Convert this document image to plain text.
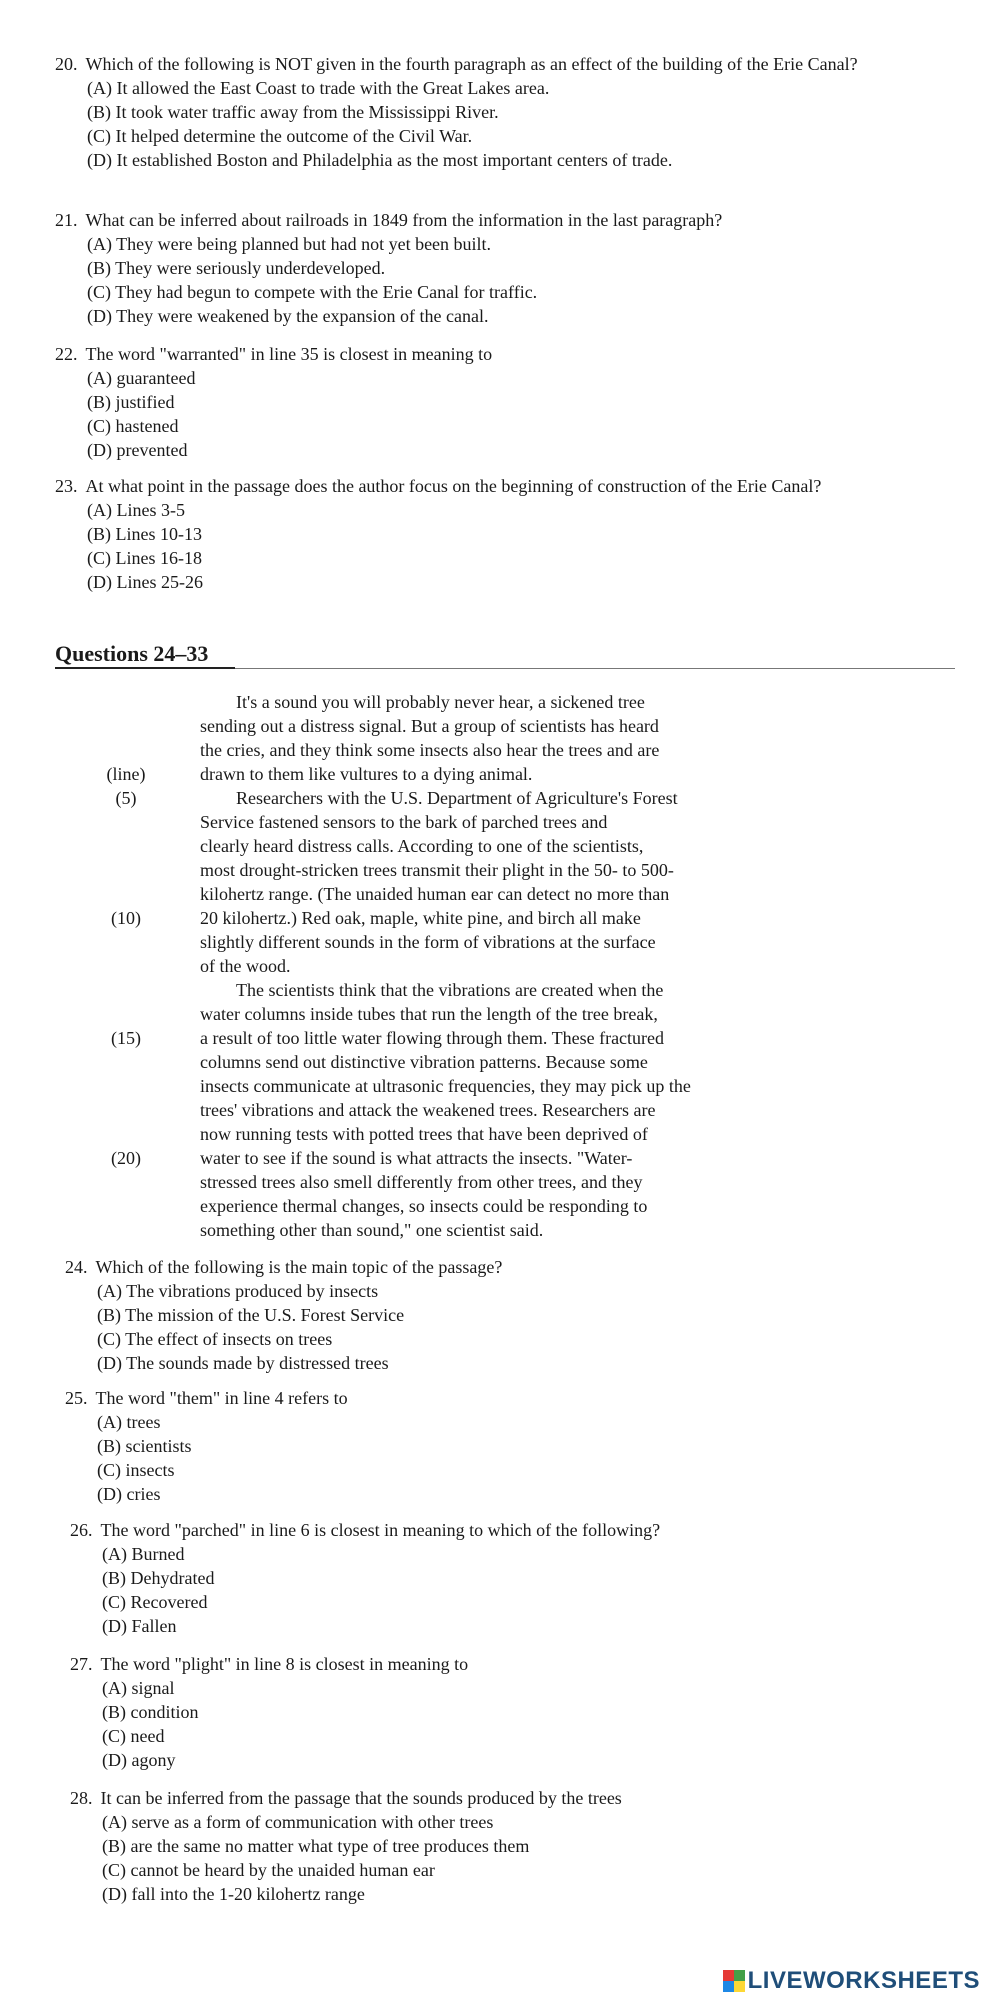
20. Which of the following is NOT given in the fourth paragraph as an effect of the building of the Erie Canal?
(A) It allowed the East Coast to trade with the Great Lakes area.
(B) It took water traffic away from the Mississippi River.
(C) It helped determine the outcome of the Civil War.
(D) It established Boston and Philadelphia as the most important centers of trade.
21. What can be inferred about railroads in 1849 from the information in the last paragraph?
(A) They were being planned but had not yet been built.
(B) They were seriously underdeveloped.
(C) They had begun to compete with the Erie Canal for traffic.
(D) They were weakened by the expansion of the canal.
22. The word "warranted" in line 35 is closest in meaning to
(A) guaranteed
(B) justified
(C) hastened
(D) prevented
23. At what point in the passage does the author focus on the beginning of construction of the Erie Canal?
(A) Lines 3-5
(B) Lines 10-13
(C) Lines 16-18
(D) Lines 25-26
Questions 24–33
(line)
(5)
(10)
(15)
(20)
It's a sound you will probably never hear, a sickened tree
sending out a distress signal. But a group of scientists has heard
the cries, and they think some insects also hear the trees and are
drawn to them like vultures to a dying animal.
Researchers with the U.S. Department of Agriculture's Forest
Service fastened sensors to the bark of parched trees and
clearly heard distress calls. According to one of the scientists,
most drought-stricken trees transmit their plight in the 50- to 500-
kilohertz range. (The unaided human ear can detect no more than
20 kilohertz.) Red oak, maple, white pine, and birch all make
slightly different sounds in the form of vibrations at the surface
of the wood.
The scientists think that the vibrations are created when the
water columns inside tubes that run the length of the tree break,
a result of too little water flowing through them. These fractured
columns send out distinctive vibration patterns. Because some
insects communicate at ultrasonic frequencies, they may pick up the
trees' vibrations and attack the weakened trees. Researchers are
now running tests with potted trees that have been deprived of
water to see if the sound is what attracts the insects. "Water-
stressed trees also smell differently from other trees, and they
experience thermal changes, so insects could be responding to
something other than sound," one scientist said.
24. Which of the following is the main topic of the passage?
(A) The vibrations produced by insects
(B) The mission of the U.S. Forest Service
(C) The effect of insects on trees
(D) The sounds made by distressed trees
25. The word "them" in line 4 refers to
(A) trees
(B) scientists
(C) insects
(D) cries
26. The word "parched" in line 6 is closest in meaning to which of the following?
(A) Burned
(B) Dehydrated
(C) Recovered
(D) Fallen
27. The word "plight" in line 8 is closest in meaning to
(A) signal
(B) condition
(C) need
(D) agony
28. It can be inferred from the passage that the sounds produced by the trees
(A) serve as a form of communication with other trees
(B) are the same no matter what type of tree produces them
(C) cannot be heard by the unaided human ear
(D) fall into the 1-20 kilohertz range
LIVEWORKSHEETS
